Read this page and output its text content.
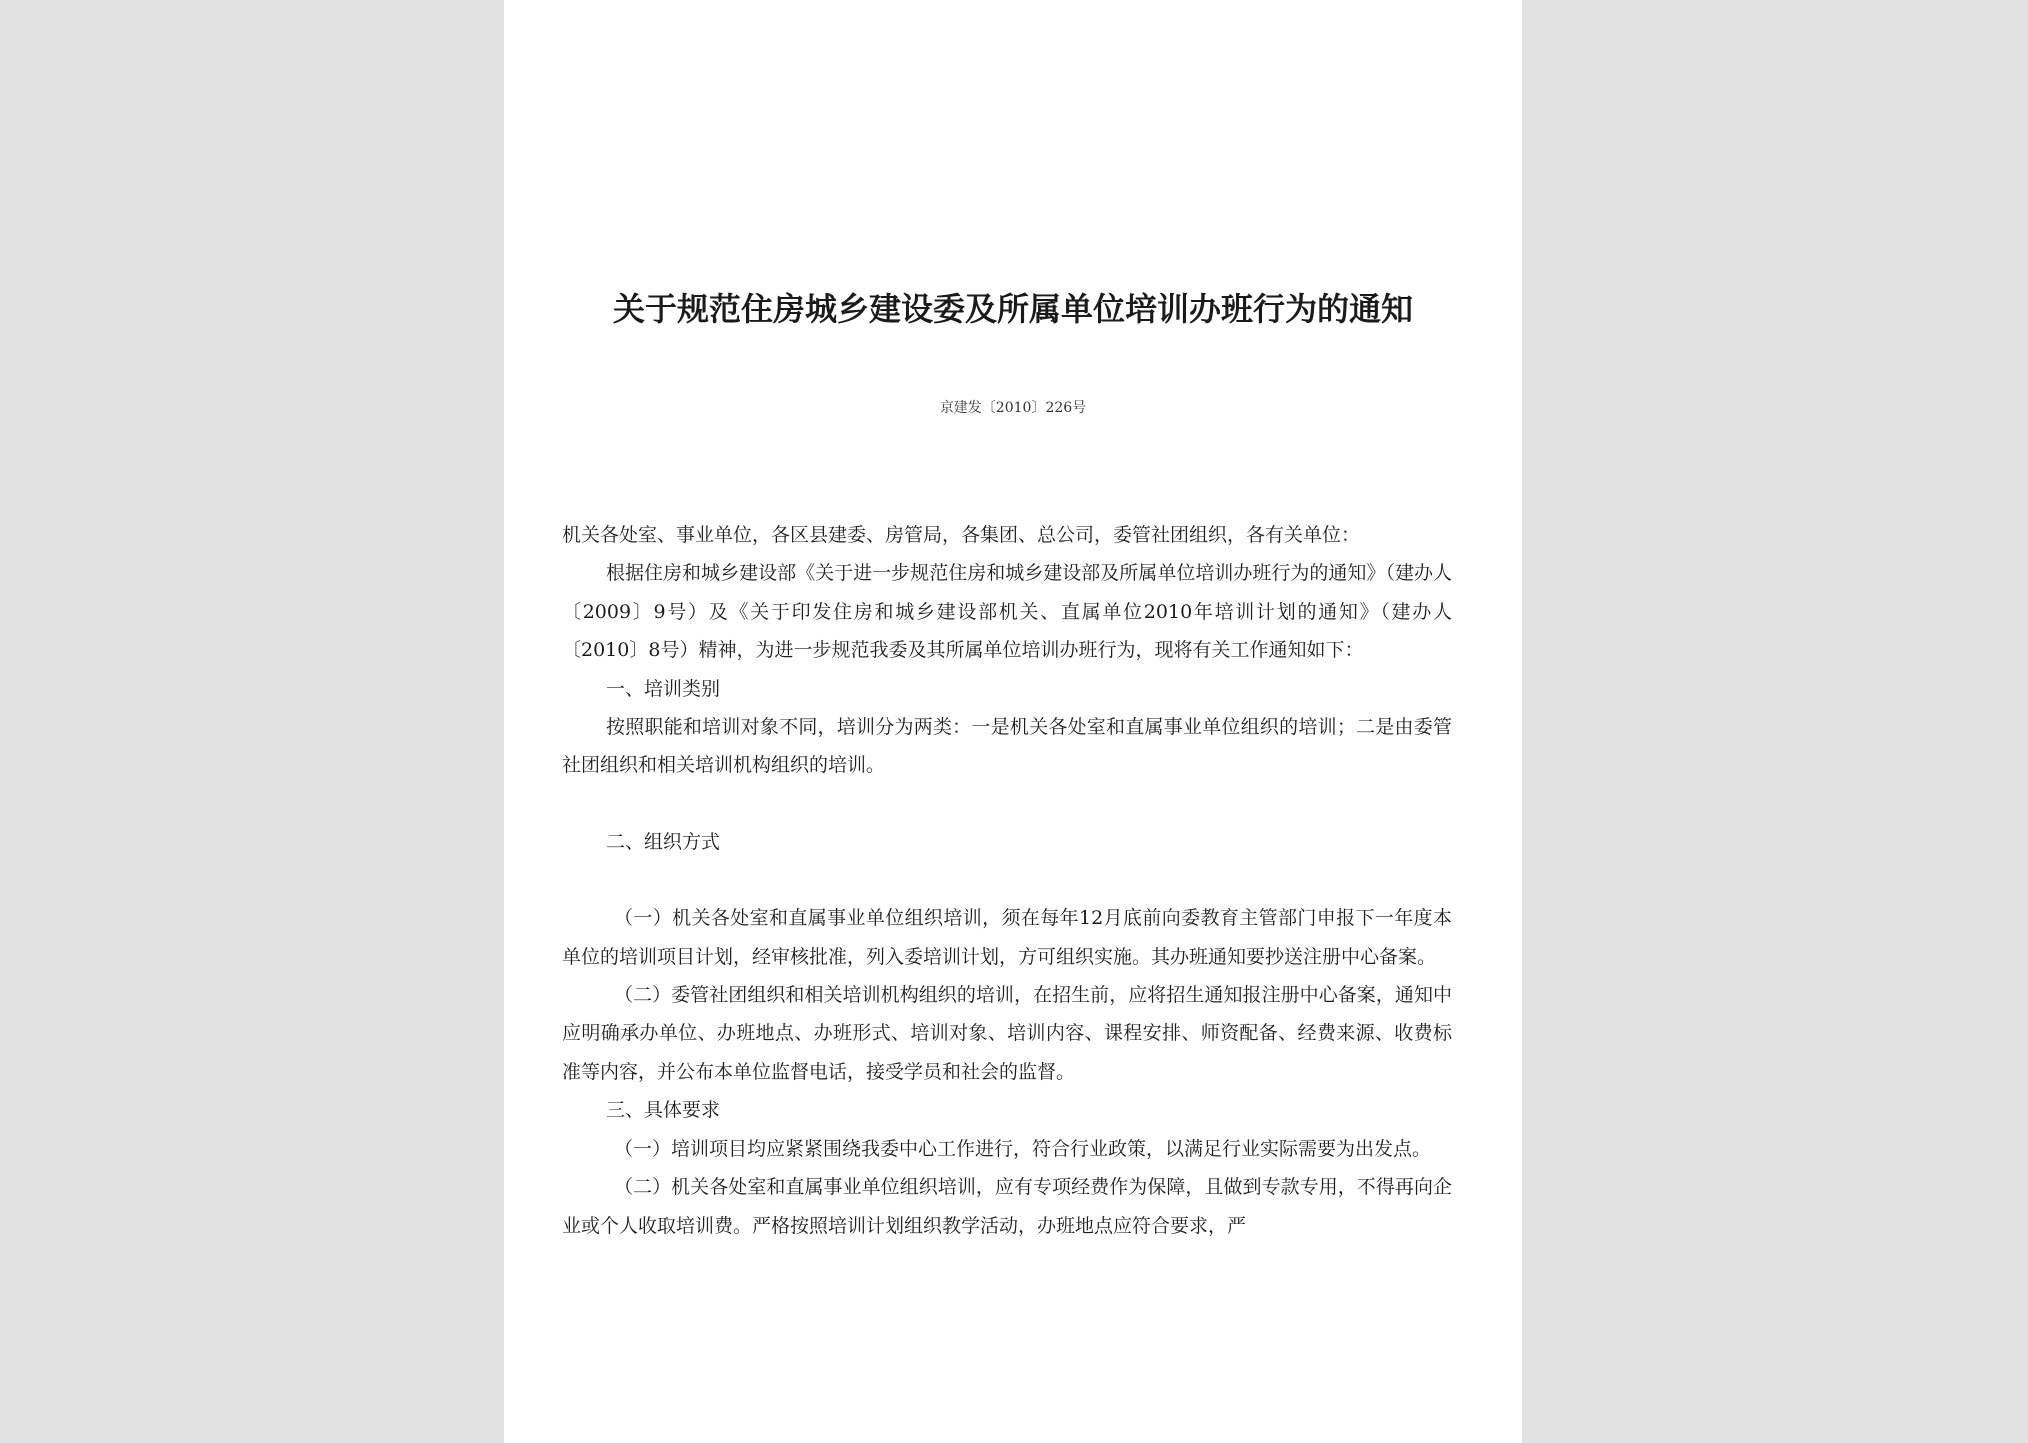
关于规范住房城乡建设委及所属单位培训办班行为的通知
京建发〔2010〕226号

机关各处室、事业单位，各区县建委、房管局，各集团、总公司，委管社团组织，各有关单位：

根据住房和城乡建设部《关于进一步规范住房和城乡建设部及所属单位培训办班行为的通知》（建办人〔2009〕9号）及《关于印发住房和城乡建设部机关、直属单位2010年培训计划的通知》（建办人〔2010〕8号）精神，为进一步规范我委及其所属单位培训办班行为，现将有关工作通知如下：

一、培训类别

按照职能和培训对象不同，培训分为两类：一是机关各处室和直属事业单位组织的培训；二是由委管社团组织和相关培训机构组织的培训。

二、组织方式

（一）机关各处室和直属事业单位组织培训，须在每年12月底前向委教育主管部门申报下一年度本单位的培训项目计划，经审核批准，列入委培训计划，方可组织实施。其办班通知要抄送注册中心备案。

（二）委管社团组织和相关培训机构组织的培训，在招生前，应将招生通知报注册中心备案，通知中应明确承办单位、办班地点、办班形式、培训对象、培训内容、课程安排、师资配备、经费来源、收费标准等内容，并公布本单位监督电话，接受学员和社会的监督。

三、具体要求

（一）培训项目均应紧紧围绕我委中心工作进行，符合行业政策，以满足行业实际需要为出发点。

（二）机关各处室和直属事业单位组织培训，应有专项经费作为保障，且做到专款专用，不得再向企业或个人收取培训费。严格按照培训计划组织教学活动，办班地点应符合要求，严
